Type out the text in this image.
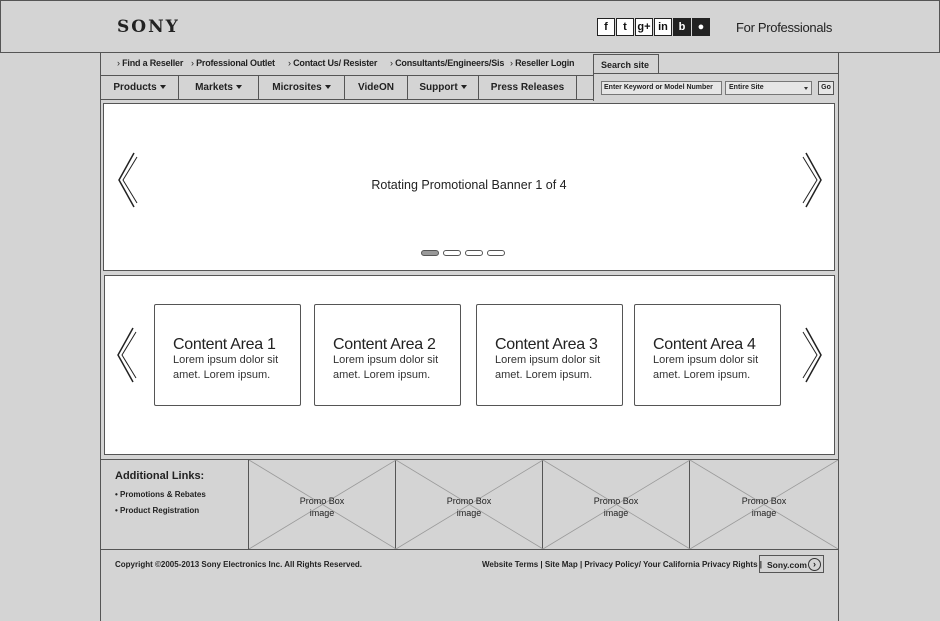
SONY	f	t g+ in b	●	For Professionals
› Find a Reseller	› Professional Outlet	› Contact Us/ Resister	› Consultants/Engineers/Sis	› Reseller Login
Products	Markets	Microsites	VideON	Support	Press Releases
Search site
Enter Keyword or Model Number	Entire Site	Go
Rotating Promotional Banner 1 of 4
Content Area 1
Lorem ipsum dolor sit
amet. Lorem ipsum.
Content Area 2
Lorem ipsum dolor sit
amet. Lorem ipsum.
Content Area 3
Lorem ipsum dolor sit
amet. Lorem ipsum.
Content Area 4
Lorem ipsum dolor sit
amet. Lorem ipsum.
Additional Links:
• Promotions & Rebates
• Product Registration
Promo Box
image
Promo Box
image
Promo Box
image
Promo Box
image
Copyright ©2005-2013 Sony Electronics Inc. All Rights Reserved.	Website Terms | Site Map | Privacy Policy/ Your California Privacy Rights | Sony.com ›
